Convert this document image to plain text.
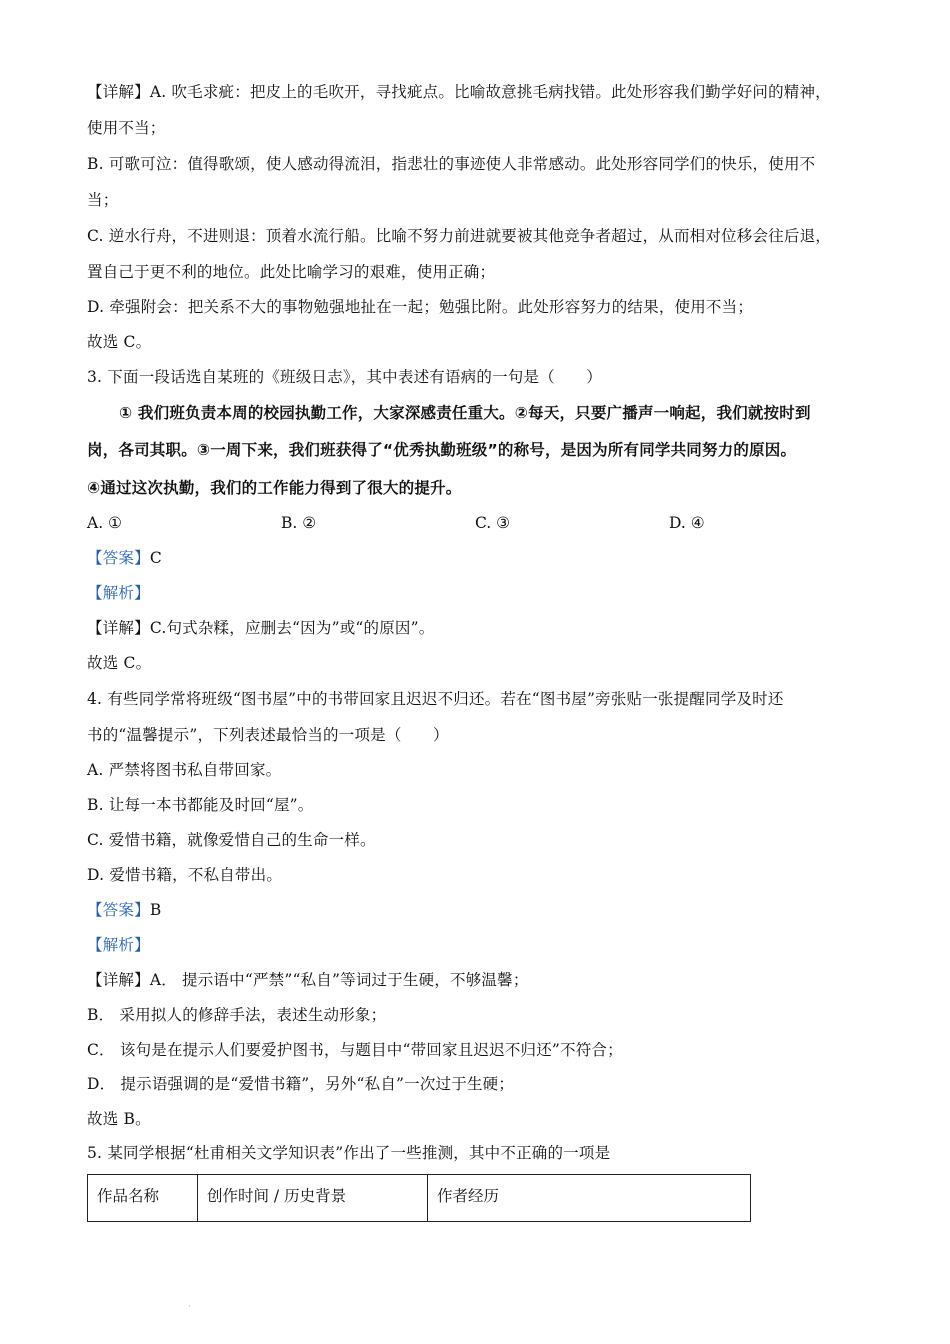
【详解】A. 吹毛求疵：把皮上的毛吹开，寻找疵点。比喻故意挑毛病找错。此处形容我们勤学好问的精神，
使用不当；
B. 可歌可泣：值得歌颂，使人感动得流泪，指悲壮的事迹使人非常感动。此处形容同学们的快乐，使用不
当；
C. 逆水行舟，不进则退：顶着水流行船。比喻不努力前进就要被其他竞争者超过，从而相对位移会往后退，
置自己于更不利的地位。此处比喻学习的艰难，使用正确；
D. 牵强附会：把关系不大的事物勉强地扯在一起；勉强比附。此处形容努力的结果，使用不当；
故选 C。
3. 下面一段话选自某班的《班级日志》，其中表述有语病的一句是（　　）
① 我们班负责本周的校园执勤工作，大家深感责任重大。②每天，只要广播声一响起，我们就按时到
岗，各司其职。③一周下来，我们班获得了“优秀执勤班级”的称号，是因为所有同学共同努力的原因。
④通过这次执勤，我们的工作能力得到了很大的提升。
A. ①	B. ②	C. ③	D. ④
【答案】C
【解析】
【详解】C.句式杂糅，应删去“因为”或“的原因”。
故选 C。
4. 有些同学常将班级“图书屋”中的书带回家且迟迟不归还。若在“图书屋”旁张贴一张提醒同学及时还
书的“温馨提示”，下列表述最恰当的一项是（　　）
A. 严禁将图书私自带回家。
B. 让每一本书都能及时回“屋”。
C. 爱惜书籍，就像爱惜自己的生命一样。
D. 爱惜书籍，不私自带出。
【答案】B
【解析】
【详解】A． 提示语中“严禁”“私自”等词过于生硬，不够温馨；
B． 采用拟人的修辞手法，表述生动形象；
C． 该句是在提示人们要爱护图书，与题目中“带回家且迟迟不归还”不符合；
D． 提示语强调的是“爱惜书籍”，另外“私自”一次过于生硬；
故选 B。
5. 某同学根据“杜甫相关文学知识表”作出了一些推测，其中不正确的一项是
作品名称	创作时间 / 历史背景	作者经历
·
